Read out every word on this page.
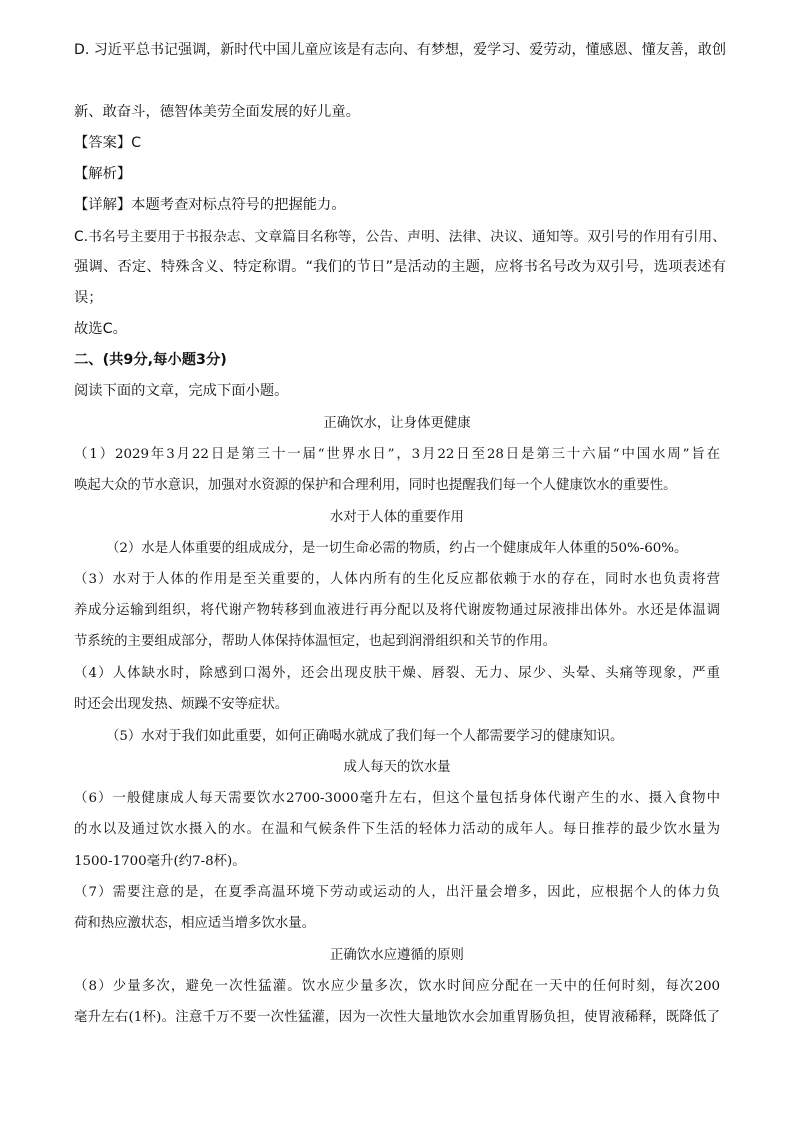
D. 习近平总书记强调，新时代中国儿童应该是有志向、有梦想，爱学习、爱劳动，懂感恩、懂友善，敢创
新、敢奋斗，德智体美劳全面发展的好儿童。
【答案】C
【解析】
【详解】本题考查对标点符号的把握能力。
C.书名号主要用于书报杂志、文章篇目名称等，公告、声明、法律、决议、通知等。双引号的作用有引用、
强调、否定、特殊含义、特定称谓。“我们的节日”是活动的主题，应将书名号改为双引号，选项表述有
误；
故选C。
二、(共9分,每小题3分)
阅读下面的文章，完成下面小题。
正确饮水，让身体更健康
（1）2029年3月22日是第三十一届“世界水日”，3月22日至28日是第三十六届“中国水周”旨在
唤起大众的节水意识，加强对水资源的保护和合理利用，同时也提醒我们每一个人健康饮水的重要性。
水对于人体的重要作用
（2）水是人体重要的组成成分，是一切生命必需的物质，约占一个健康成年人体重的50%-60%。
（3）水对于人体的作用是至关重要的，人体内所有的生化反应都依赖于水的存在，同时水也负责将营
养成分运输到组织，将代谢产物转移到血液进行再分配以及将代谢废物通过尿液排出体外。水还是体温调
节系统的主要组成部分，帮助人体保持体温恒定，也起到润滑组织和关节的作用。
（4）人体缺水时，除感到口渴外，还会出现皮肤干燥、唇裂、无力、尿少、头晕、头痛等现象，严重
时还会出现发热、烦躁不安等症状。
（5）水对于我们如此重要，如何正确喝水就成了我们每一个人都需要学习的健康知识。
成人每天的饮水量
（6）一般健康成人每天需要饮水2700-3000毫升左右，但这个量包括身体代谢产生的水、摄入食物中
的水以及通过饮水摄入的水。在温和气候条件下生活的轻体力活动的成年人。每日推荐的最少饮水量为
1500-1700毫升(约7-8杯)。
（7）需要注意的是，在夏季高温环境下劳动或运动的人，出汗量会增多，因此，应根据个人的体力负
荷和热应激状态，相应适当增多饮水量。
正确饮水应遵循的原则
（8）少量多次，避免一次性猛灌。饮水应少量多次，饮水时间应分配在一天中的任何时刻，每次200
毫升左右(1杯)。注意千万不要一次性猛灌，因为一次性大量地饮水会加重胃肠负担，使胃液稀释，既降低了
